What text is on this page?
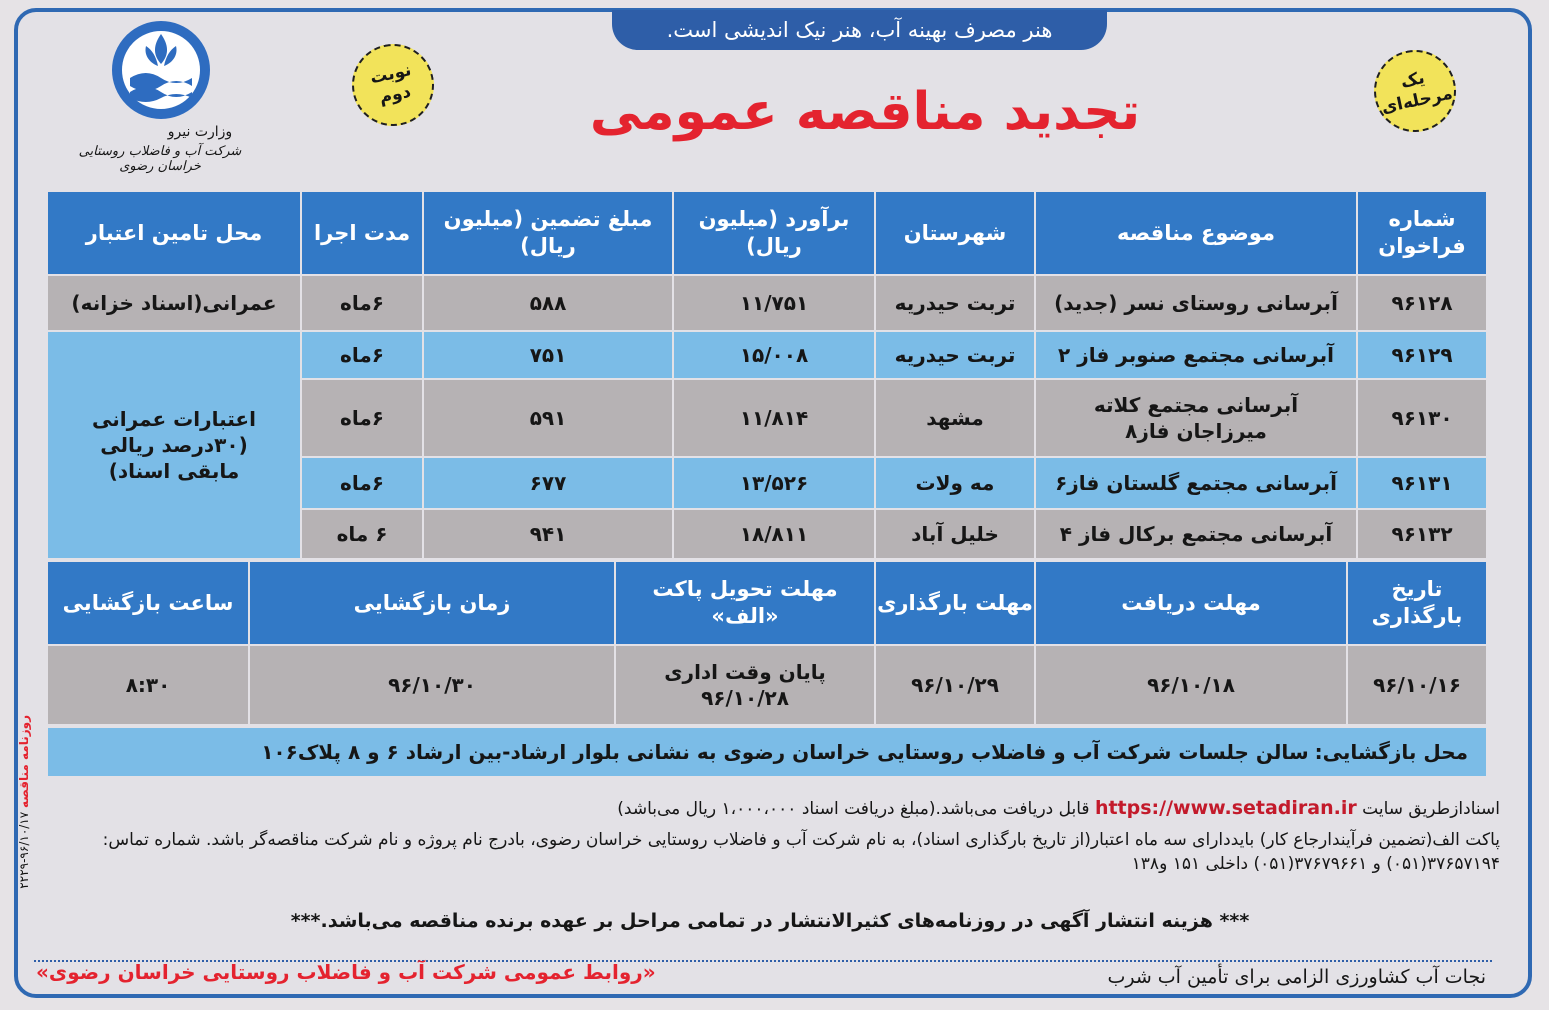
هنر مصرف بهینه آب، هنر نیک اندیشی است.
وزارت نیرو
شرکت آب و فاضلاب روستایی خراسان رضوی
نوبت دوم
یک مرحله‌ای
تجدید مناقصه عمومی
شماره فراخوان
موضوع مناقصه
شهرستان
برآورد (میلیون ریال)
مبلغ تضمین (میلیون ریال)
مدت اجرا
محل تامین اعتبار
۹۶۱۲۸
آبرسانی روستای نسر (جدید)
تربت حیدریه
۱۱/۷۵۱
۵۸۸
۶ماه
عمرانی(اسناد خزانه)
۹۶۱۲۹
آبرسانی مجتمع صنوبر فاز ۲
تربت حیدریه
۱۵/۰۰۸
۷۵۱
۶ماه
۹۶۱۳۰
آبرسانی مجتمع کلاته میرزاجان فاز۸
مشهد
۱۱/۸۱۴
۵۹۱
۶ماه
۹۶۱۳۱
آبرسانی مجتمع گلستان فاز۶
مه ولات
۱۳/۵۲۶
۶۷۷
۶ماه
۹۶۱۳۲
آبرسانی مجتمع برکال فاز ۴
خلیل آباد
۱۸/۸۱۱
۹۴۱
۶ ماه
اعتبارات عمرانی (۳۰درصد ریالی مابقی اسناد)
تاریخ بارگذاری
مهلت دریافت
مهلت بارگذاری
مهلت تحویل پاکت «الف»
زمان بازگشایی
ساعت بازگشایی
۹۶/۱۰/۱۶
۹۶/۱۰/۱۸
۹۶/۱۰/۲۹
پایان وقت اداری ۹۶/۱۰/۲۸
۹۶/۱۰/۳۰
۸:۳۰
محل بازگشایی:
سالن جلسات شرکت آب و فاضلاب روستایی خراسان رضوی به نشانی بلوار ارشاد-بین ارشاد ۶ و ۸ پلاک۱۰۶
اسنادازطریق سایت https://www.setadiran.ir قابل دریافت می‌باشد.(مبلغ دریافت اسناد ۱،۰۰۰،۰۰۰ ریال می‌باشد)
پاکت الف(تضمین فرآیندارجاع کار) بایددارای سه ماه اعتبار(از تاریخ بارگذاری اسناد)، به نام شرکت آب و فاضلاب روستایی خراسان رضوی، بادرج نام پروژه و نام شرکت مناقصه‌گر باشد. شماره تماس: ۳۷۶۵۷۱۹۴(۰۵۱) و ۳۷۶۷۹۶۶۱(۰۵۱) داخلی ۱۵۱ و۱۳۸
*** هزینه انتشار آگهی در روزنامه‌های کثیرالانتشار در تمامی مراحل بر عهده برنده مناقصه می‌باشد.***
«روابط عمومی شرکت آب و فاضلاب روستایی خراسان رضوی»	نجات آب کشاورزی الزامی برای تأمین آب شرب
روزنامه مناقصه ۹۶/۱۰/۱۷-۲۲۲۹
